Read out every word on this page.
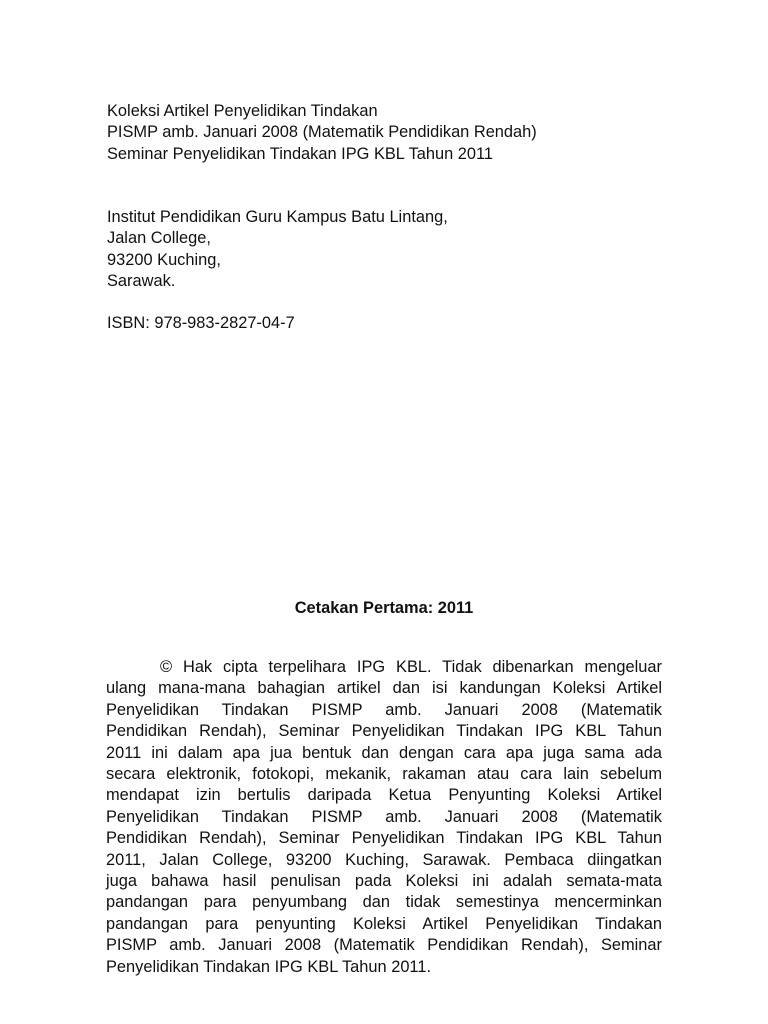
Koleksi Artikel Penyelidikan Tindakan
PISMP amb. Januari 2008 (Matematik Pendidikan Rendah)
Seminar Penyelidikan Tindakan IPG KBL Tahun 2011
Institut Pendidikan Guru Kampus Batu Lintang,
Jalan College,
93200 Kuching,
Sarawak.
ISBN: 978-983-2827-04-7
Cetakan Pertama: 2011
© Hak cipta terpelihara IPG KBL. Tidak dibenarkan mengeluar
ulang mana-mana bahagian artikel dan isi kandungan Koleksi Artikel
Penyelidikan Tindakan PISMP amb. Januari 2008 (Matematik
Pendidikan Rendah), Seminar Penyelidikan Tindakan IPG KBL Tahun
2011 ini dalam apa jua bentuk dan dengan cara apa juga sama ada
secara elektronik, fotokopi, mekanik, rakaman atau cara lain sebelum
mendapat izin bertulis daripada Ketua Penyunting Koleksi Artikel
Penyelidikan Tindakan PISMP amb. Januari 2008 (Matematik
Pendidikan Rendah), Seminar Penyelidikan Tindakan IPG KBL Tahun
2011, Jalan College, 93200 Kuching, Sarawak. Pembaca diingatkan
juga bahawa hasil penulisan pada Koleksi ini adalah semata-mata
pandangan para penyumbang dan tidak semestinya mencerminkan
pandangan para penyunting Koleksi Artikel Penyelidikan Tindakan
PISMP amb. Januari 2008 (Matematik Pendidikan Rendah), Seminar
Penyelidikan Tindakan IPG KBL Tahun 2011.
